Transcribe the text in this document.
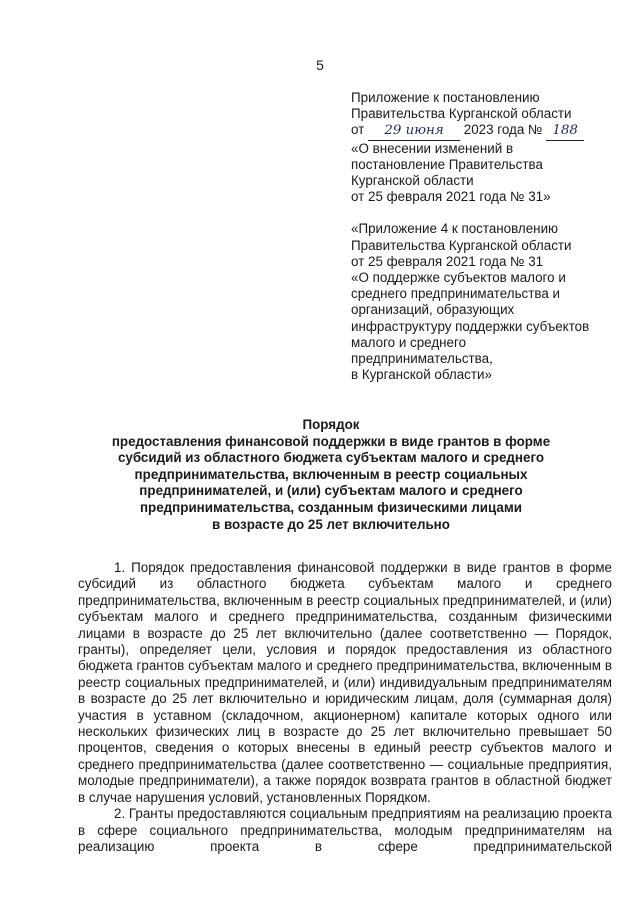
5
Приложение к постановлению
Правительства Курганской области
от 29 июня 2023 года № 188
«О внесении изменений в
постановление Правительства
Курганской области
от 25 февраля 2021 года № 31»
«Приложение 4 к постановлению
Правительства Курганской области
от 25 февраля 2021 года № 31
«О поддержке субъектов малого и
среднего предпринимательства и
организаций, образующих
инфраструктуру поддержки субъектов
малого и среднего
предпринимательства,
в Курганской области»
Порядок
предоставления финансовой поддержки в виде грантов в форме
субсидий из областного бюджета субъектам малого и среднего
предпринимательства, включенным в реестр социальных
предпринимателей, и (или) субъектам малого и среднего
предпринимательства, созданным физическими лицами
в возрасте до 25 лет включительно

1. Порядок предоставления финансовой поддержки в виде грантов в форме субсидий из областного бюджета субъектам малого и среднего предпринимательства, включенным в реестр социальных предпринимателей, и (или) субъектам малого и среднего предпринимательства, созданным физическими лицами в возрасте до 25 лет включительно (далее соответственно — Порядок, гранты), определяет цели, условия и порядок предоставления из областного бюджета грантов субъектам малого и среднего предпринимательства, включенным в реестр социальных предпринимателей, и (или) индивидуальным предпринимателям в возрасте до 25 лет включительно и юридическим лицам, доля (суммарная доля) участия в уставном (складочном, акционерном) капитале которых одного или нескольких физических лиц в возрасте до 25 лет включительно превышает 50 процентов, сведения о которых внесены в единый реестр субъектов малого и среднего предпринимательства (далее соответственно — социальные предприятия, молодые предприниматели), а также порядок возврата грантов в областной бюджет в случае нарушения условий, установленных Порядком.

2. Гранты предоставляются социальным предприятиям на реализацию проекта в сфере социального предпринимательства, молодым предпринимателям на реализацию проекта в сфере предпринимательской
